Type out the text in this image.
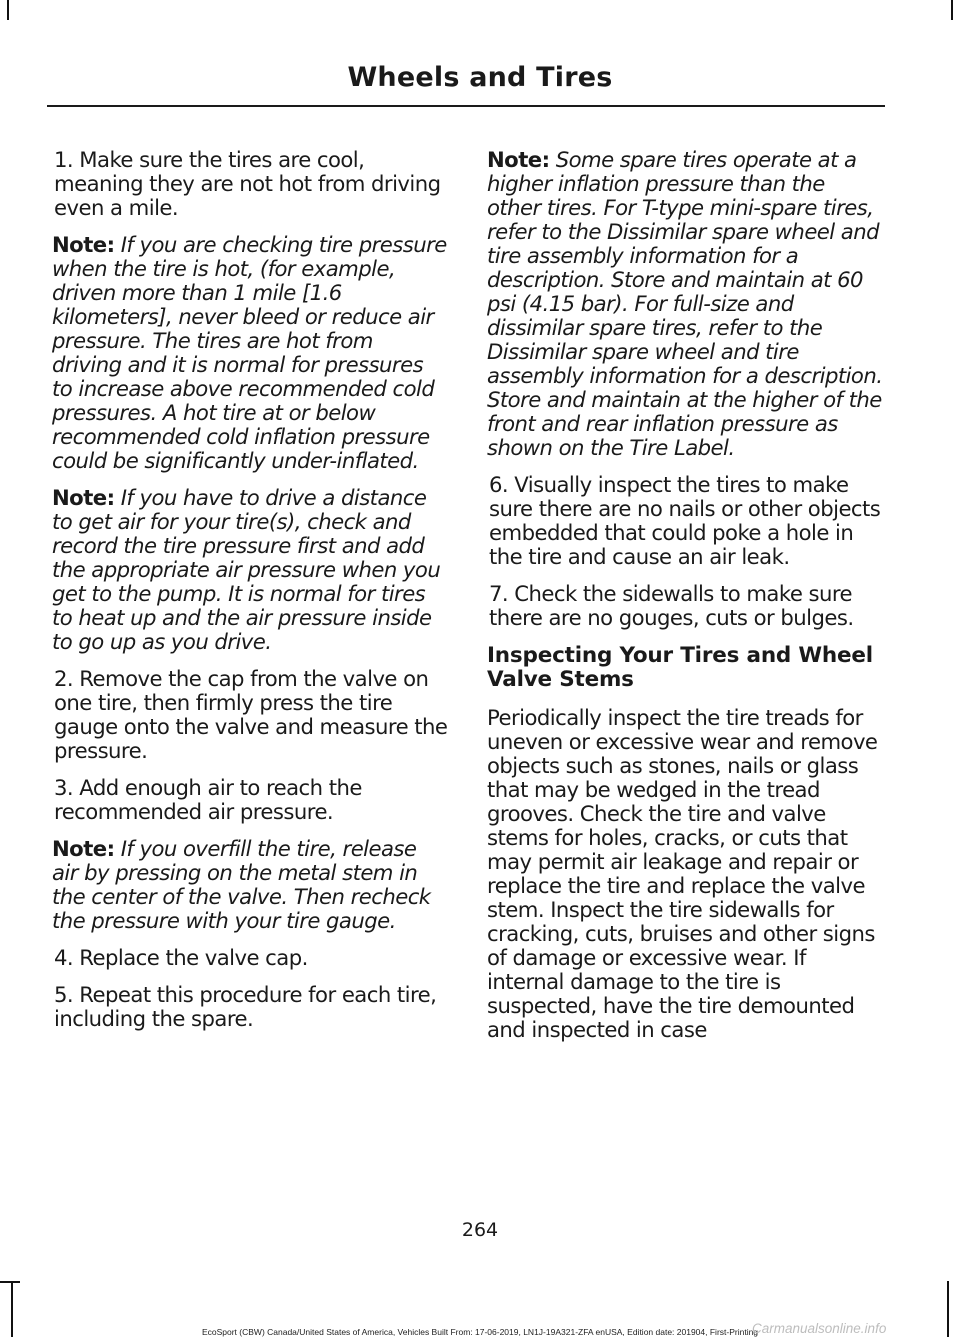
Wheels and Tires

1. Make sure the tires are cool, meaning they are not hot from driving even a mile.

Note: If you are checking tire pressure when the tire is hot, (for example, driven more than 1 mile [1.6 kilometers], never bleed or reduce air pressure. The tires are hot from driving and it is normal for pressures to increase above recommended cold pressures. A hot tire at or below recommended cold inflation pressure could be significantly under-inflated.

Note: If you have to drive a distance to get air for your tire(s), check and record the tire pressure first and add the appropriate air pressure when you get to the pump. It is normal for tires to heat up and the air pressure inside to go up as you drive.

2. Remove the cap from the valve on one tire, then firmly press the tire gauge onto the valve and measure the pressure.

3. Add enough air to reach the recommended air pressure.

Note: If you overfill the tire, release air by pressing on the metal stem in the center of the valve. Then recheck the pressure with your tire gauge.

4. Replace the valve cap.

5. Repeat this procedure for each tire, including the spare.

Note: Some spare tires operate at a higher inflation pressure than the other tires. For T-type mini-spare tires, refer to the Dissimilar spare wheel and tire assembly information for a description. Store and maintain at 60 psi (4.15 bar). For full-size and dissimilar spare tires, refer to the Dissimilar spare wheel and tire assembly information for a description. Store and maintain at the higher of the front and rear inflation pressure as shown on the Tire Label.

6. Visually inspect the tires to make sure there are no nails or other objects embedded that could poke a hole in the tire and cause an air leak.

7. Check the sidewalls to make sure there are no gouges, cuts or bulges.

Inspecting Your Tires and Wheel Valve Stems

Periodically inspect the tire treads for uneven or excessive wear and remove objects such as stones, nails or glass that may be wedged in the tread grooves. Check the tire and valve stems for holes, cracks, or cuts that may permit air leakage and repair or replace the tire and replace the valve stem. Inspect the tire sidewalls for cracking, cuts, bruises and other signs of damage or excessive wear. If internal damage to the tire is suspected, have the tire demounted and inspected in case

264
EcoSport (CBW) Canada/United States of America, Vehicles Built From: 17-06-2019, LN1J-19A321-ZFA enUSA, Edition date: 201904, First-Printing
Carmanualsonline.info
